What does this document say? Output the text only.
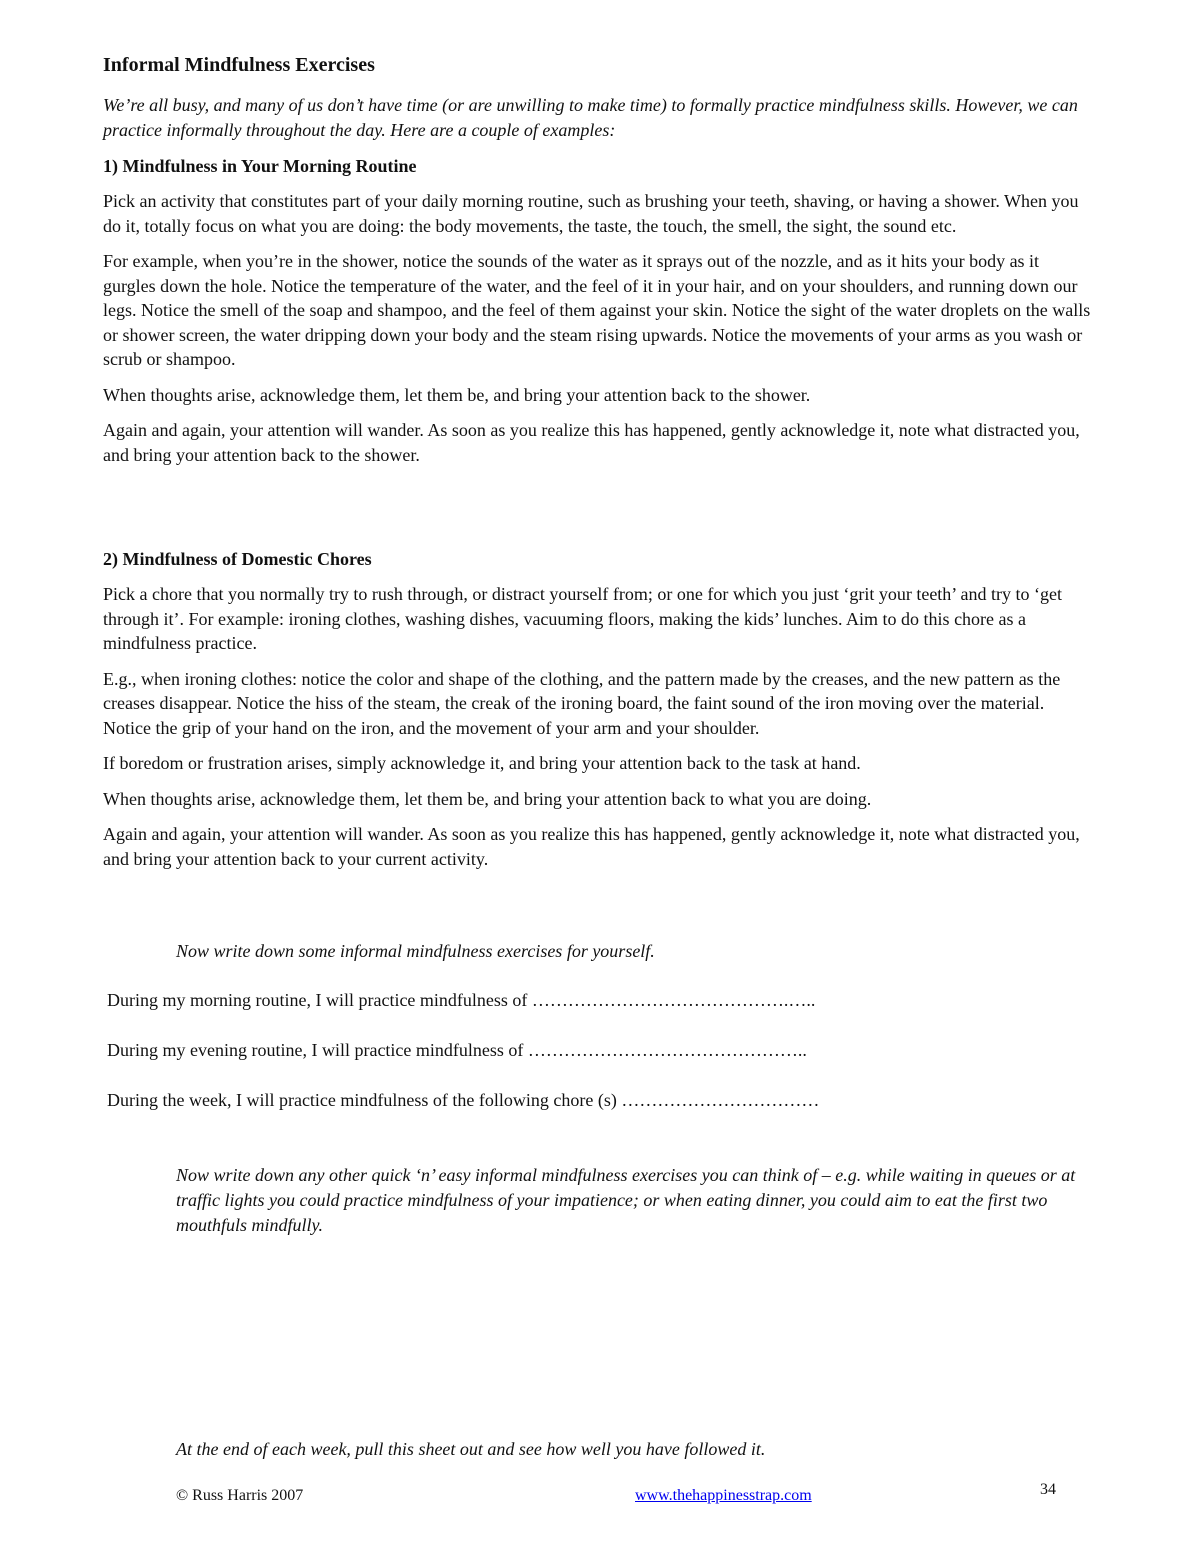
Informal Mindfulness Exercises

We’re all busy, and many of us don’t have time (or are unwilling to make time) to formally practice mindfulness skills. However, we can practice informally throughout the day. Here are a couple of examples:

1) Mindfulness in Your Morning Routine

Pick an activity that constitutes part of your daily morning routine, such as brushing your teeth, shaving, or having a shower. When you do it, totally focus on what you are doing: the body movements, the taste, the touch, the smell, the sight, the sound etc.

For example, when you’re in the shower, notice the sounds of the water as it sprays out of the nozzle, and as it hits your body as it gurgles down the hole. Notice the temperature of the water, and the feel of it in your hair, and on your shoulders, and running down our legs. Notice the smell of the soap and shampoo, and the feel of them against your skin. Notice the sight of the water droplets on the walls or shower screen, the water dripping down your body and the steam rising upwards. Notice the movements of your arms as you wash or scrub or shampoo.

When thoughts arise, acknowledge them, let them be, and bring your attention back to the shower.

Again and again, your attention will wander. As soon as you realize this has happened, gently acknowledge it, note what distracted you, and bring your attention back to the shower.

2) Mindfulness of Domestic Chores

Pick a chore that you normally try to rush through, or distract yourself from; or one for which you just ‘grit your teeth’ and try to ‘get through it’. For example: ironing clothes, washing dishes, vacuuming floors, making the kids’ lunches. Aim to do this chore as a mindfulness practice.

E.g., when ironing clothes: notice the color and shape of the clothing, and the pattern made by the creases, and the new pattern as the creases disappear. Notice the hiss of the steam, the creak of the ironing board, the faint sound of the iron moving over the material. Notice the grip of your hand on the iron, and the movement of your arm and your shoulder.

If boredom or frustration arises, simply acknowledge it, and bring your attention back to the task at hand.

When thoughts arise, acknowledge them, let them be, and bring your attention back to what you are doing.

Again and again, your attention will wander. As soon as you realize this has happened, gently acknowledge it, note what distracted you, and bring your attention back to your current activity.

Now write down some informal mindfulness exercises for yourself.

During my morning routine, I will practice mindfulness of …………………………………….…..

During my evening routine, I will practice mindfulness of ………………………………………..

During the week, I will practice mindfulness of the following chore (s) ……………………………

Now write down any other quick ‘n’ easy informal mindfulness exercises you can think of – e.g. while waiting in queues or at traffic lights you could practice mindfulness of your impatience; or when eating dinner, you could aim to eat the first two mouthfuls mindfully.

At the end of each week, pull this sheet out and see how well you have followed it.

© Russ Harris 2007	www.thehappinesstrap.com	34
